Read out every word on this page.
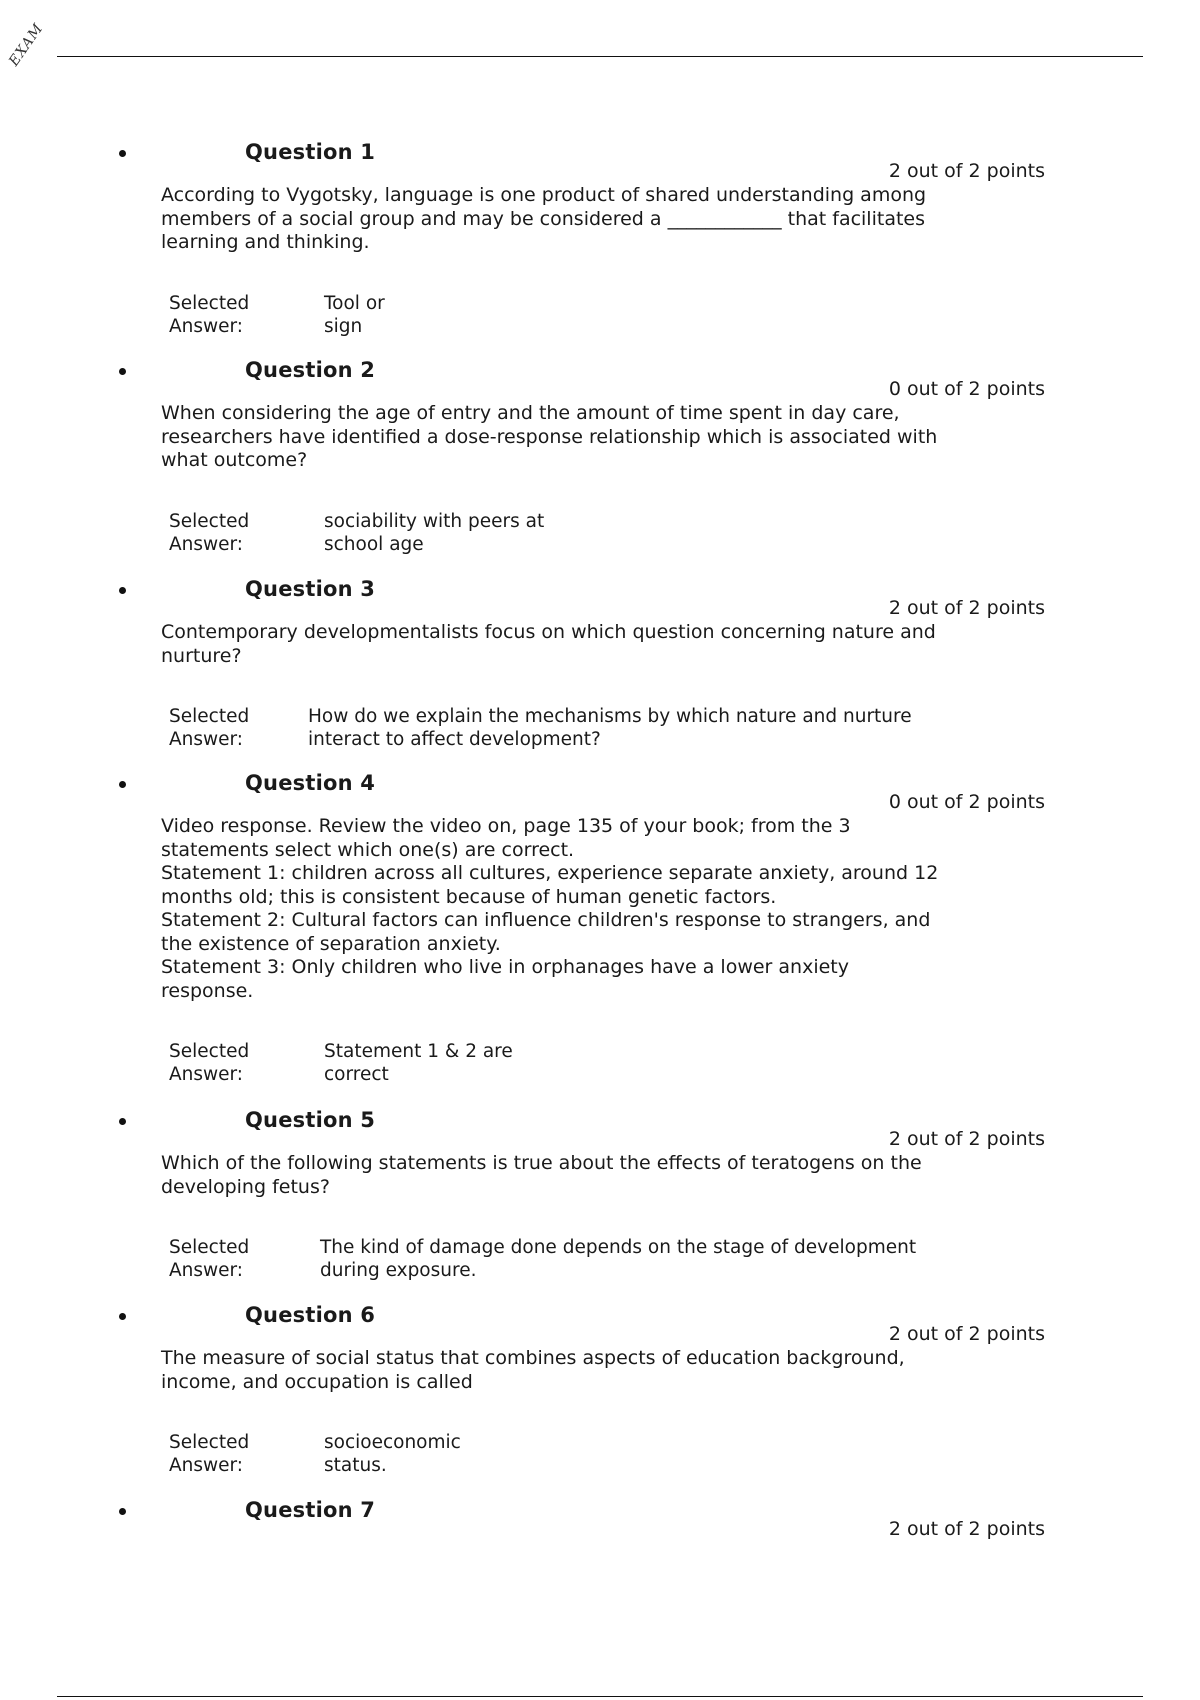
EXAM
Question 1
2 out of 2 points
According to Vygotsky, language is one product of shared understanding among
members of a social group and may be considered a ____________ that facilitates
learning and thinking.
Selected
Answer:
Tool or
sign
Question 2
0 out of 2 points
When considering the age of entry and the amount of time spent in day care,
researchers have identified a dose-response relationship which is associated with
what outcome?
Selected
Answer:
sociability with peers at
school age
Question 3
2 out of 2 points
Contemporary developmentalists focus on which question concerning nature and
nurture?
Selected
Answer:
How do we explain the mechanisms by which nature and nurture
interact to affect development?
Question 4
0 out of 2 points
Video response. Review the video on, page 135 of your book; from the 3
statements select which one(s) are correct.
Statement 1: children across all cultures, experience separate anxiety, around 12
months old; this is consistent because of human genetic factors.
Statement 2: Cultural factors can influence children's response to strangers, and
the existence of separation anxiety.
Statement 3: Only children who live in orphanages have a lower anxiety
response.
Selected
Answer:
Statement 1 & 2 are
correct
Question 5
2 out of 2 points
Which of the following statements is true about the effects of teratogens on the
developing fetus?
Selected
Answer:
The kind of damage done depends on the stage of development
during exposure.
Question 6
2 out of 2 points
The measure of social status that combines aspects of education background,
income, and occupation is called
Selected
Answer:
socioeconomic
status.
Question 7
2 out of 2 points
